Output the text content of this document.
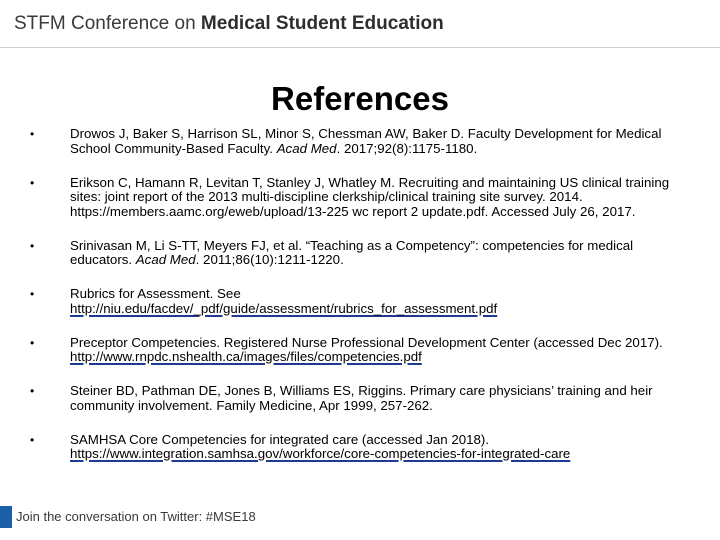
STFM Conference on Medical Student Education
References
•	Drowos J, Baker S, Harrison SL, Minor S, Chessman AW, Baker D. Faculty Development for Medical School Community-Based Faculty. Acad Med. 2017;92(8):1175-1180.
•	Erikson C, Hamann R, Levitan T, Stanley J, Whatley M. Recruiting and maintaining US clinical training sites: joint report of the 2013 multi-discipline clerkship/clinical training site survey. 2014. https://members.aamc.org/eweb/upload/13-225 wc report 2 update.pdf. Accessed July 26, 2017.
•	Srinivasan M, Li S-TT, Meyers FJ, et al. “Teaching as a Competency”: competencies for medical educators. Acad Med. 2011;86(10):1211-1220.
•	Rubrics for Assessment. See
http://niu.edu/facdev/_pdf/guide/assessment/rubrics_for_assessment.pdf
•	Preceptor Competencies. Registered Nurse Professional Development Center (accessed Dec 2017). http://www.rnpdc.nshealth.ca/images/files/competencies.pdf
•	Steiner BD, Pathman DE, Jones B, Williams ES, Riggins. Primary care physicians’ training and heir community involvement. Family Medicine, Apr 1999, 257-262.
•	SAMHSA Core Competencies for integrated care (accessed Jan 2018).
https://www.integration.samhsa.gov/workforce/core-competencies-for-integrated-care
Join the conversation on Twitter: #MSE18
